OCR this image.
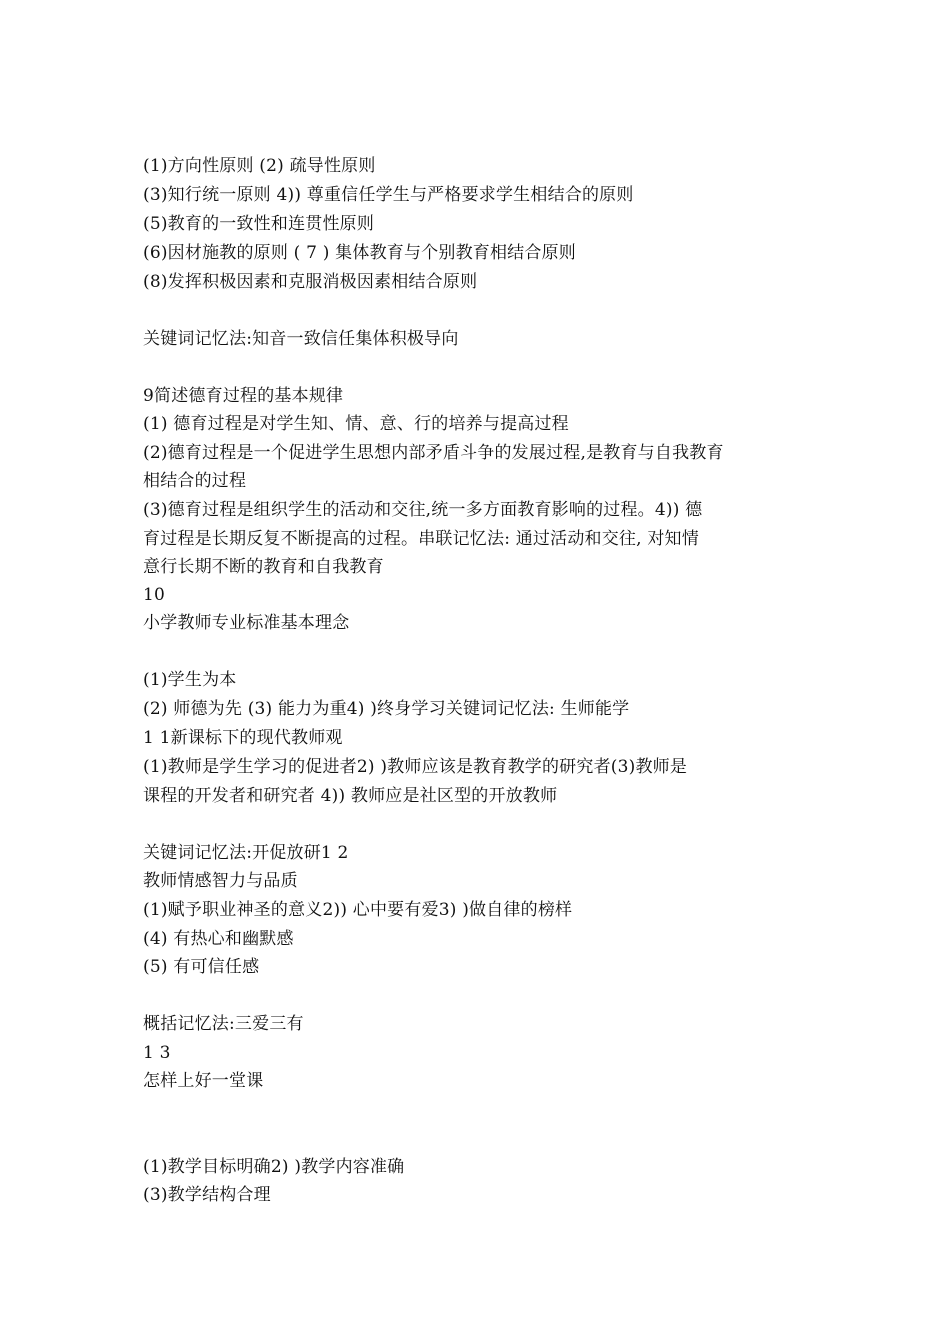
(1)方向性原则 (2) ﻿疏导性原则
(3)知行统一原则 4)﻿) 尊重信任学生与严格要求学生相结合的原则
(5)教育的一致性和连贯性原则
(6)因材施教的原则 ( 7 ) ﻿集体教育与个别教育相结合原则
(8)发挥积极因素和克服消极因素相结合原则
关键词记忆法:知音一致信任集体积极导向
9﻿简述德育过程的基本规律
(1) ﻿德育过程是对学生知、情、意、行的培养与提高过程
(2)德育过程是一个促进学生思想内部矛盾斗争的发展过程,是教育与自我教育
相结合的过程
(3)德育过程是组织学生的活动和交往,统一多方面教育影响的过程。4)﻿) 德
育过程是长期反复不断提高的过程。﻿﻿串联记忆法: 通过活动和交往, 对知情
意行长期不断的教育和自我教育﻿
10
小学教师专业标准基本理念
(1)学生为本
(2) 师德为先 (3) ﻿能力为重4) ﻿)终身学习﻿﻿关键词记忆法: 生师能学
﻿1 1﻿新课标下的现代教师观﻿
(1)教师是学生学习的促进者2) ﻿)教师应该是教育教学的研究者﻿(3)教师是
课程的开发者和研究者 4)﻿) 教师应是社区型的开放教师
关键词记忆法:开促放研1 2﻿﻿
教师情感智力与品质﻿
(1)赋予职业神圣的意义2)﻿) 心中要有爱3) ﻿)做自律的榜样
(4) 有热心和幽默感
(5) 有可信任感
概括记忆法:三爱三有﻿
1 3
怎样上好一堂课
(1)教学目标明确2) ﻿)教学内容准确
(3)教学结构合理
